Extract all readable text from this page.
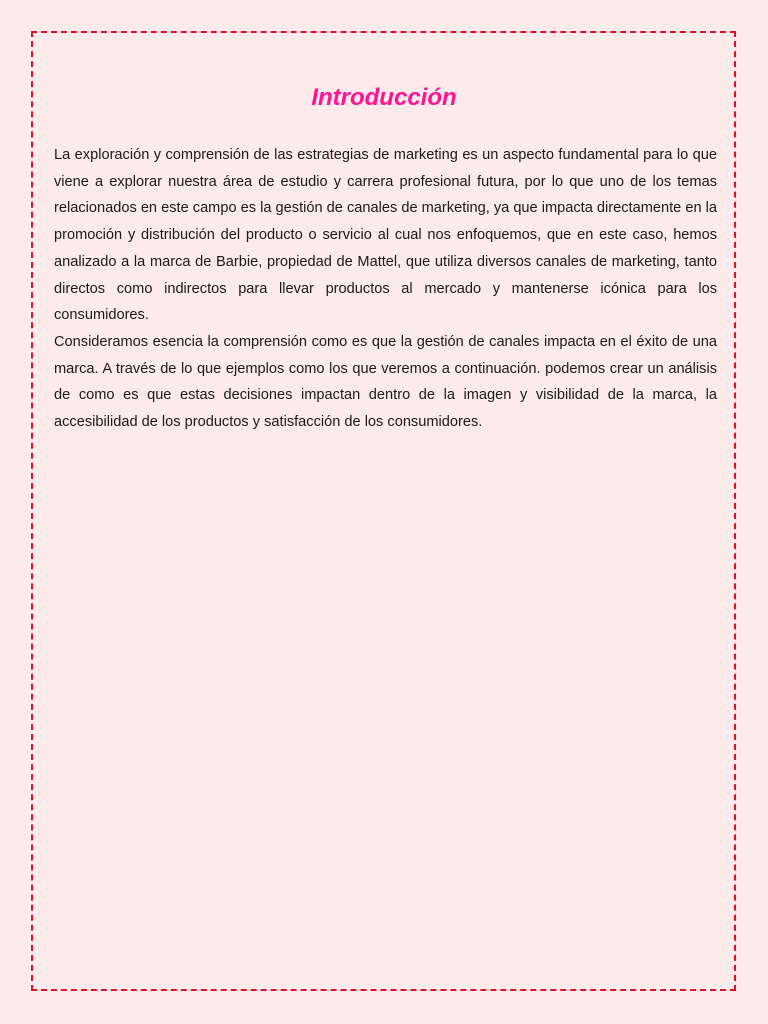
Introducción

La exploración y comprensión de las estrategias de marketing es un aspecto fundamental para lo que viene a explorar nuestra área de estudio y carrera profesional futura, por lo que uno de los temas relacionados en este campo es la gestión de canales de marketing, ya que impacta directamente en la promoción y distribución del producto o servicio al cual nos enfoquemos, que en este caso, hemos analizado a la marca de Barbie, propiedad de Mattel, que utiliza diversos canales de marketing, tanto directos como indirectos para llevar productos al mercado y mantenerse icónica para los consumidores.

Consideramos esencia la comprensión como es que la gestión de canales impacta en el éxito de una marca. A través de lo que ejemplos como los que veremos a continuación. podemos crear un análisis de como es que estas decisiones impactan dentro de la imagen y visibilidad de la marca, la accesibilidad de los productos y satisfacción de los consumidores.
